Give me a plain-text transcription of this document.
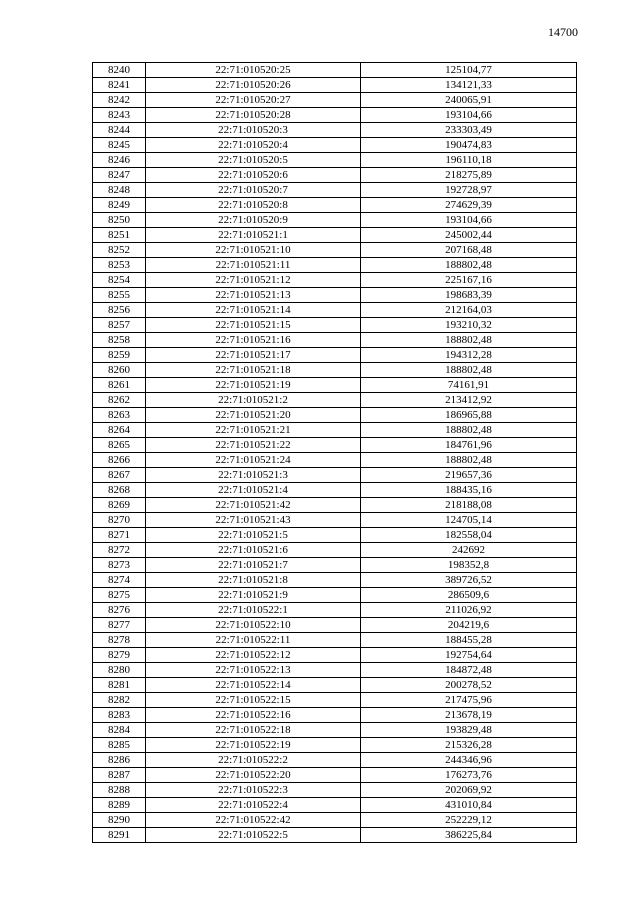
14700
8240	22:71:010520:25	125104,77
8241	22:71:010520:26	134121,33
8242	22:71:010520:27	240065,91
8243	22:71:010520:28	193104,66
8244	22:71:010520:3	233303,49
8245	22:71:010520:4	190474,83
8246	22:71:010520:5	196110,18
8247	22:71:010520:6	218275,89
8248	22:71:010520:7	192728,97
8249	22:71:010520:8	274629,39
8250	22:71:010520:9	193104,66
8251	22:71:010521:1	245002,44
8252	22:71:010521:10	207168,48
8253	22:71:010521:11	188802,48
8254	22:71:010521:12	225167,16
8255	22:71:010521:13	198683,39
8256	22:71:010521:14	212164,03
8257	22:71:010521:15	193210,32
8258	22:71:010521:16	188802,48
8259	22:71:010521:17	194312,28
8260	22:71:010521:18	188802,48
8261	22:71:010521:19	74161,91
8262	22:71:010521:2	213412,92
8263	22:71:010521:20	186965,88
8264	22:71:010521:21	188802,48
8265	22:71:010521:22	184761,96
8266	22:71:010521:24	188802,48
8267	22:71:010521:3	219657,36
8268	22:71:010521:4	188435,16
8269	22:71:010521:42	218188,08
8270	22:71:010521:43	124705,14
8271	22:71:010521:5	182558,04
8272	22:71:010521:6	242692
8273	22:71:010521:7	198352,8
8274	22:71:010521:8	389726,52
8275	22:71:010521:9	286509,6
8276	22:71:010522:1	211026,92
8277	22:71:010522:10	204219,6
8278	22:71:010522:11	188455,28
8279	22:71:010522:12	192754,64
8280	22:71:010522:13	184872,48
8281	22:71:010522:14	200278,52
8282	22:71:010522:15	217475,96
8283	22:71:010522:16	213678,19
8284	22:71:010522:18	193829,48
8285	22:71:010522:19	215326,28
8286	22:71:010522:2	244346,96
8287	22:71:010522:20	176273,76
8288	22:71:010522:3	202069,92
8289	22:71:010522:4	431010,84
8290	22:71:010522:42	252229,12
8291	22:71:010522:5	386225,84
